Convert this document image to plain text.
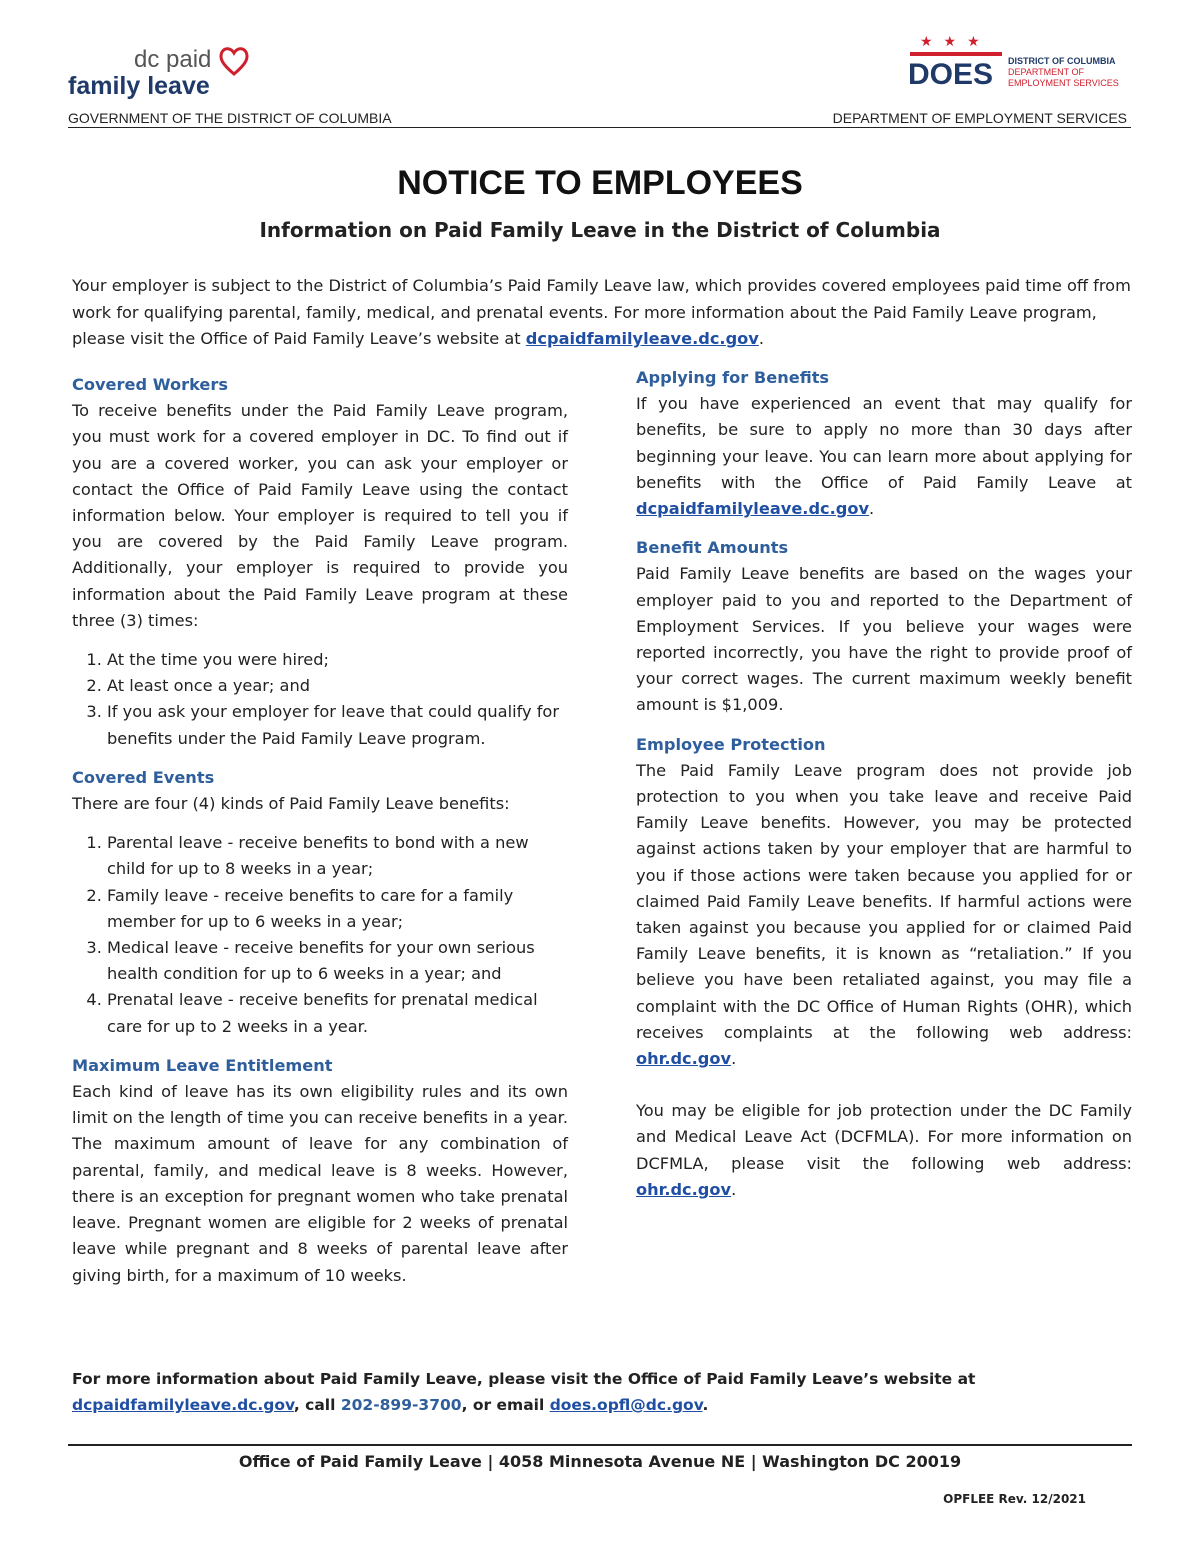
dc paid
family leave
★★★
DOES DISTRICT OF COLUMBIA
DEPARTMENT OF
EMPLOYMENT SERVICES
GOVERNMENT OF THE DISTRICT OF COLUMBIA	DEPARTMENT OF EMPLOYMENT SERVICES

NOTICE TO EMPLOYEES
Information on Paid Family Leave in the District of Columbia
Your employer is subject to the District of Columbia’s Paid Family Leave law, which provides covered employees paid time off from work for qualifying parental, family, medical, and prenatal events. For more information about the Paid Family Leave program, please visit the Office of Paid Family Leave’s website at dcpaidfamilyleave.dc.gov.
Covered Workers

To receive benefits under the Paid Family Leave program, you must work for a covered employer in DC. To find out if you are a covered worker, you can ask your employer or contact the Office of Paid Family Leave using the contact information below. Your employer is required to tell you if you are covered by the Paid Family Leave program. Additionally, your employer is required to provide you information about the Paid Family Leave program at these three (3) times:

1. At the time you were hired;
2. At least once a year; and
3. If you ask your employer for leave that could qualify for benefits under the Paid Family Leave program.
Covered Events

There are four (4) kinds of Paid Family Leave benefits:

1. Parental leave - receive benefits to bond with a new child for up to 8 weeks in a year;
2. Family leave - receive benefits to care for a family member for up to 6 weeks in a year;
3. Medical leave - receive benefits for your own serious health condition for up to 6 weeks in a year; and
4. Prenatal leave - receive benefits for prenatal medical care for up to 2 weeks in a year.
Maximum Leave Entitlement

Each kind of leave has its own eligibility rules and its own limit on the length of time you can receive benefits in a year. The maximum amount of leave for any combination of parental, family, and medical leave is 8 weeks. However, there is an exception for pregnant women who take prenatal leave. Pregnant women are eligible for 2 weeks of prenatal leave while pregnant and 8 weeks of parental leave after giving birth, for a maximum of 10 weeks.

Applying for Benefits

If you have experienced an event that may qualify for benefits, be sure to apply no more than 30 days after beginning your leave. You can learn more about applying for benefits with the Office of Paid Family Leave at dcpaidfamilyleave.dc.gov.

Benefit Amounts

Paid Family Leave benefits are based on the wages your employer paid to you and reported to the Department of Employment Services. If you believe your wages were reported incorrectly, you have the right to provide proof of your correct wages. The current maximum weekly benefit amount is $1,009.

Employee Protection

The Paid Family Leave program does not provide job protection to you when you take leave and receive Paid Family Leave benefits. However, you may be protected against actions taken by your employer that are harmful to you if those actions were taken because you applied for or claimed Paid Family Leave benefits. If harmful actions were taken against you because you applied for or claimed Paid Family Leave benefits, it is known as “retaliation.” If you believe you have been retaliated against, you may file a complaint with the DC Office of Human Rights (OHR), which receives complaints at the following web address: ohr.dc.gov.

You may be eligible for job protection under the DC Family and Medical Leave Act (DCFMLA). For more information on DCFMLA, please visit the following web address: ohr.dc.gov.

For more information about Paid Family Leave, please visit the Office of Paid Family Leave’s website at dcpaidfamilyleave.dc.gov, call 202-899-3700, or email does.opfl@dc.gov.
Office of Paid Family Leave | 4058 Minnesota Avenue NE | Washington DC 20019
OPFLEE Rev. 12/2021
